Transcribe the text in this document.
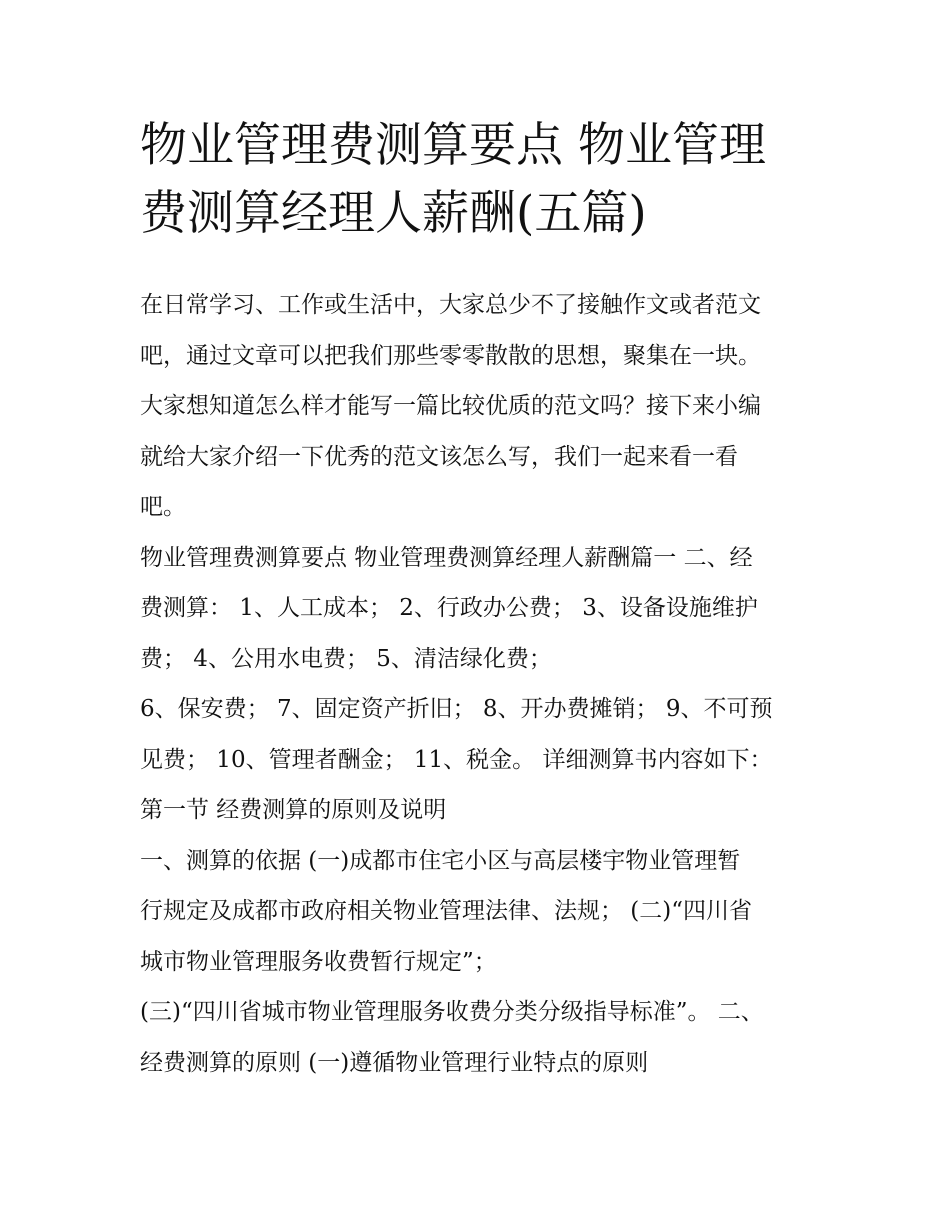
物业管理费测算要点 物业管理
费测算经理人薪酬(五篇)
在日常学习、工作或生活中，大家总少不了接触作文或者范文
吧，通过文章可以把我们那些零零散散的思想，聚集在一块。
大家想知道怎么样才能写一篇比较优质的范文吗？接下来小编
就给大家介绍一下优秀的范文该怎么写，我们一起来看一看
吧。
物业管理费测算要点 物业管理费测算经理人薪酬篇一 二、经
费测算： 1、人工成本； 2、行政办公费； 3、设备设施维护
费； 4、公用水电费； 5、清洁绿化费；
6、保安费； 7、固定资产折旧； 8、开办费摊销； 9、不可预
见费； 10、管理者酬金； 11、税金。 详细测算书内容如下：
第一节 经费测算的原则及说明
一、测算的依据 (一)成都市住宅小区与高层楼宇物业管理暂
行规定及成都市政府相关物业管理法律、法规； (二)“四川省
城市物业管理服务收费暂行规定”；
(三)“四川省城市物业管理服务收费分类分级指导标准”。 二、
经费测算的原则 (一)遵循物业管理行业特点的原则
